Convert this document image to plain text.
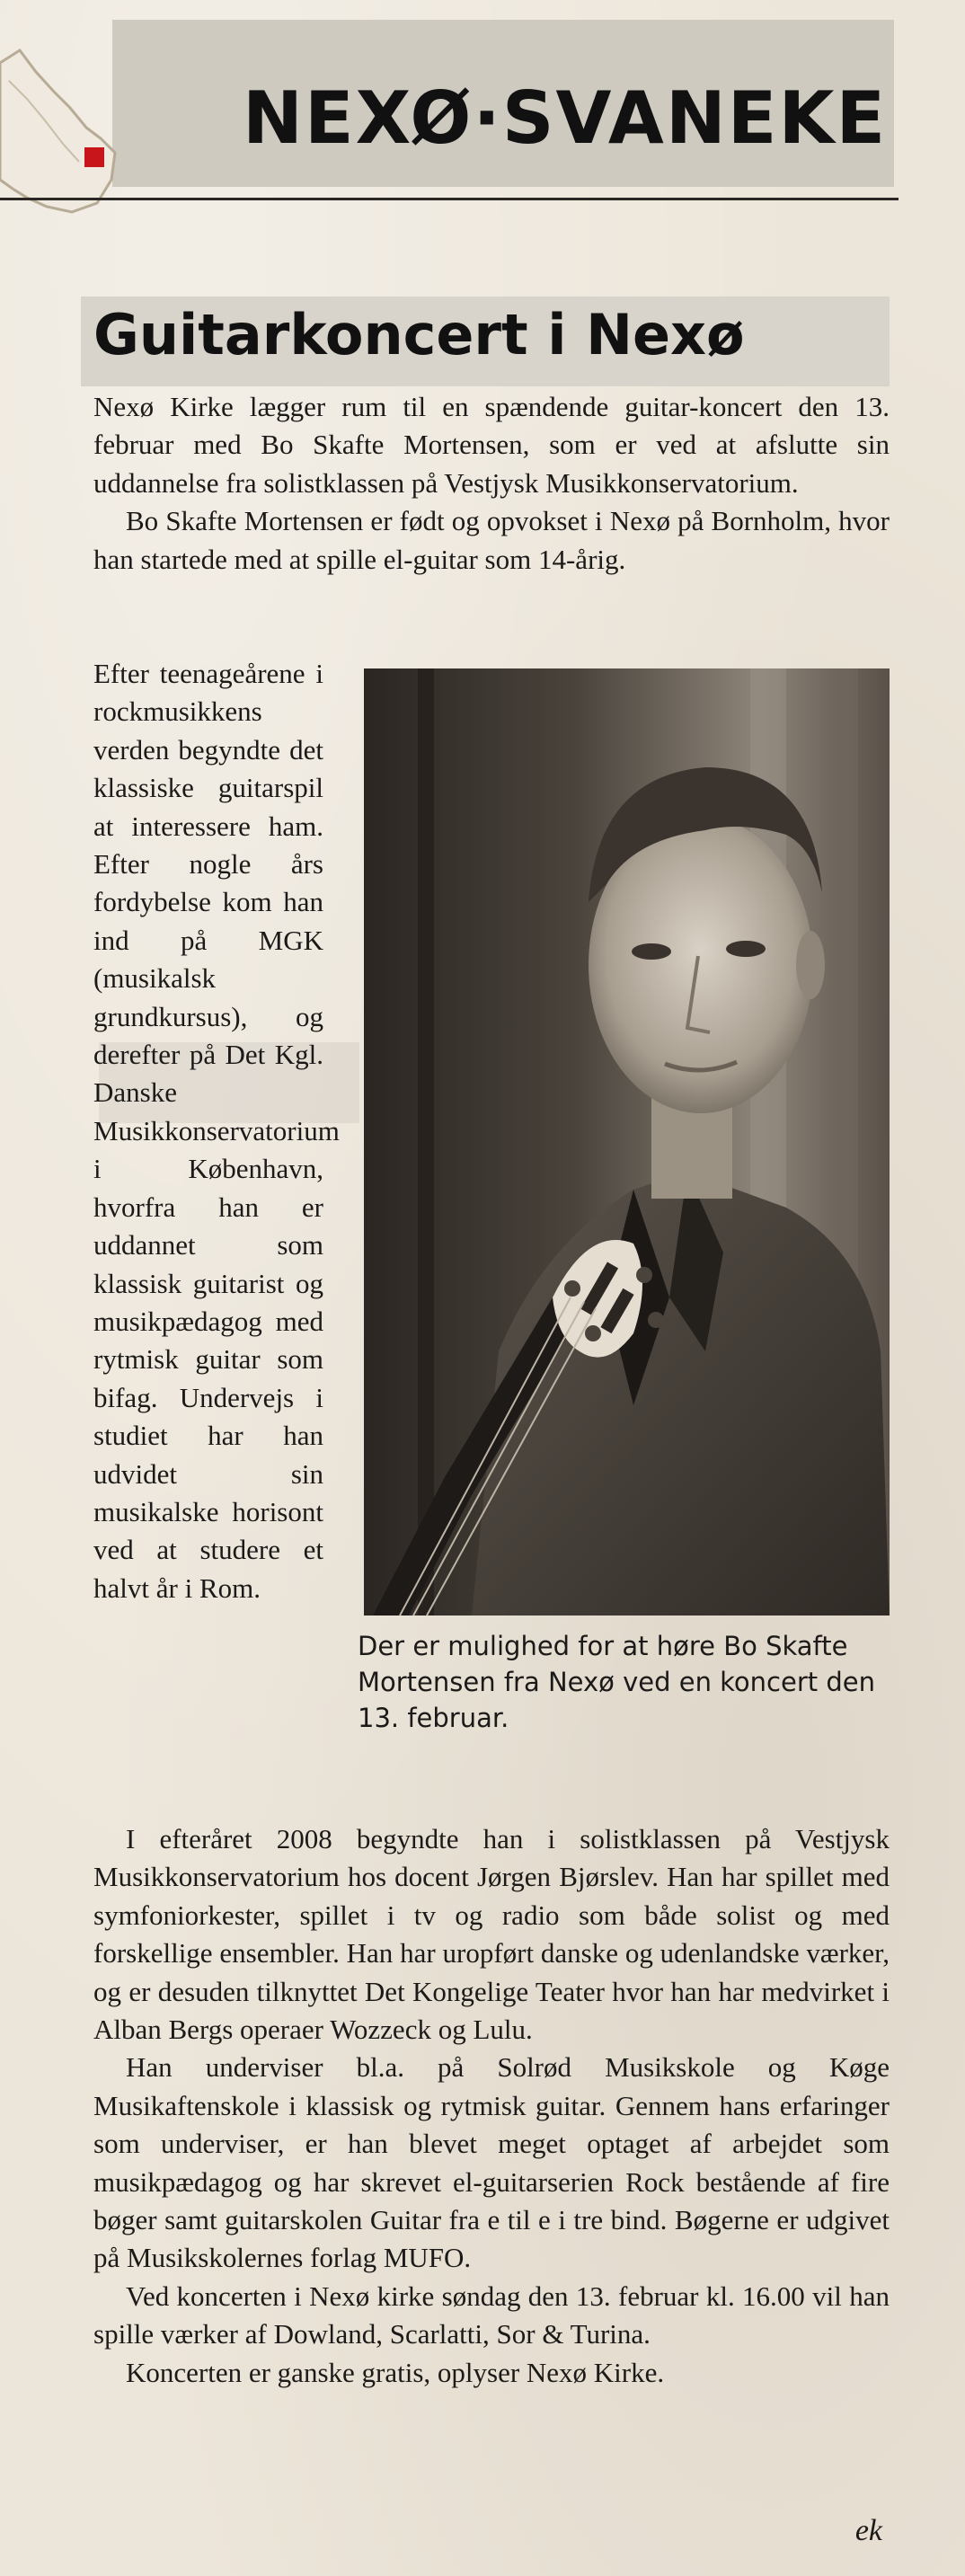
NEXØ·SVANEKE
Guitarkoncert i Nexø

Nexø Kirke lægger rum til en spændende guitar-koncert den 13. februar med Bo Skafte Mortensen, som er ved at afslutte sin uddannelse fra solistklassen på Vestjysk Musikkonservatorium.

Bo Skafte Mortensen er født og opvokset i Nexø på Bornholm, hvor han startede med at spille el-guitar som 14-årig.

Efter teenageårene i rockmusikkens verden begyndte det klassiske guitarspil at interessere ham. Efter nogle års fordybelse kom han ind på MGK (musikalsk grundkursus), og derefter på Det Kgl. Danske Musikkonservatorium i København, hvorfra han er uddannet som klassisk guitarist og musikpædagog med rytmisk guitar som bifag. Undervejs i studiet har han udvidet sin musikalske horisont ved at studere et halvt år i Rom.

Der er mulighed for at høre Bo Skafte Mortensen fra Nexø ved en koncert den 13. februar.

I efteråret 2008 begyndte han i solistklassen på Vestjysk Musikkonservatorium hos docent Jørgen Bjørslev. Han har spillet med symfoniorkester, spillet i tv og radio som både solist og med forskellige ensembler. Han har uropført danske og udenlandske værker, og er desuden tilknyttet Det Kongelige Teater hvor han har medvirket i Alban Bergs operaer Wozzeck og Lulu.

Han underviser bl.a. på Solrød Musikskole og Køge Musikaftenskole i klassisk og rytmisk guitar. Gennem hans erfaringer som underviser, er han blevet meget optaget af arbejdet som musikpædagog og har skrevet el-guitarserien Rock bestående af fire bøger samt guitarskolen Guitar fra e til e i tre bind. Bøgerne er udgivet på Musikskolernes forlag MUFO.

Ved koncerten i Nexø kirke søndag den 13. februar kl. 16.00 vil han spille værker af Dowland, Scarlatti, Sor & Turina.

Koncerten er ganske gratis, oplyser Nexø Kirke.

ek
